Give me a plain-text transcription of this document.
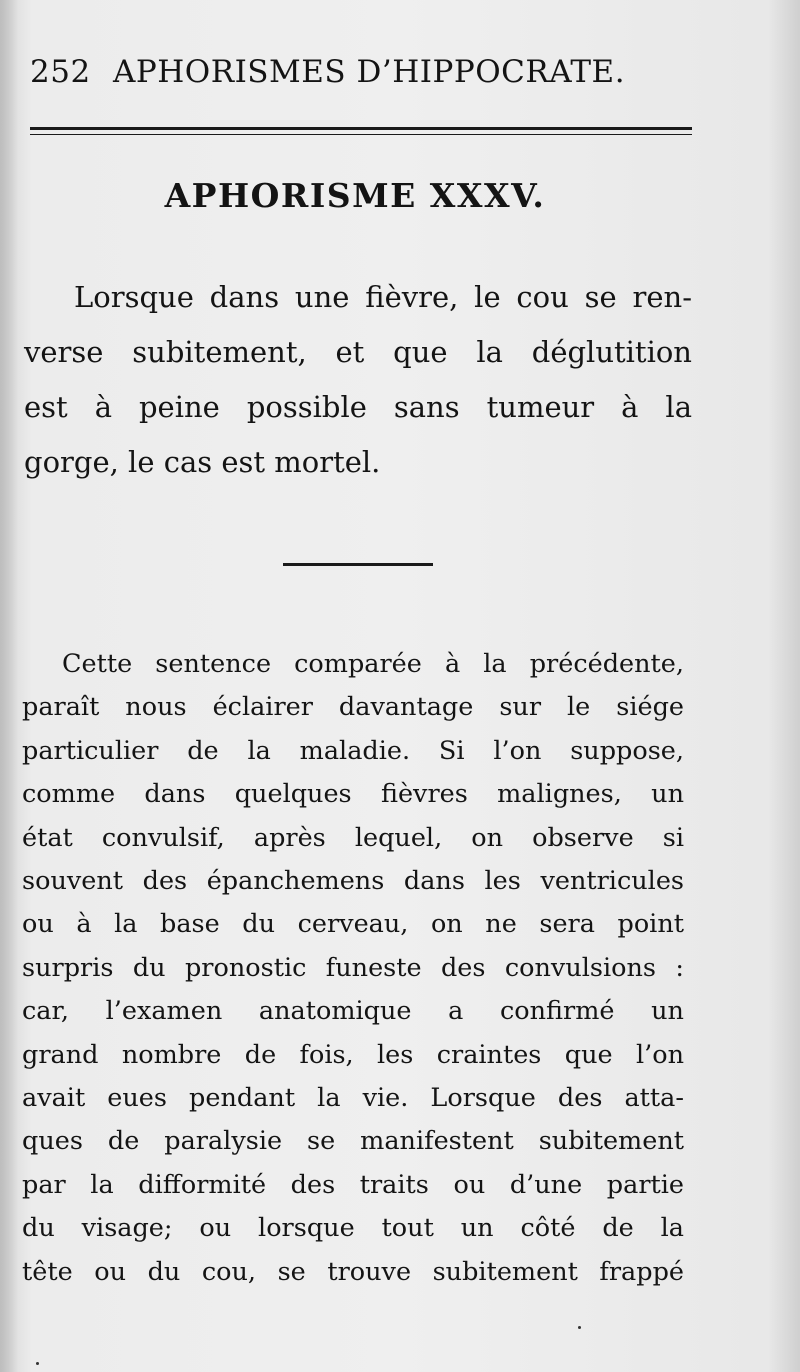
252 APHORISMES D’HIPPOCRATE.
APHORISME XXXV.
Lorsque dans une fièvre, le cou se ren-
verse subitement, et que la déglutition
est à peine possible sans tumeur à la
gorge, le cas est mortel.
Cette sentence comparée à la précédente,
paraît nous éclairer davantage sur le siége
particulier de la maladie. Si l’on suppose,
comme dans quelques fièvres malignes, un
état convulsif, après lequel, on observe si
souvent des épanchemens dans les ventricules
ou à la base du cerveau, on ne sera point
surpris du pronostic funeste des convulsions :
car, l’examen anatomique a confirmé un
grand nombre de fois, les craintes que l’on
avait eues pendant la vie. Lorsque des atta-
ques de paralysie se manifestent subitement
par la difformité des traits ou d’une partie
du visage; ou lorsque tout un côté de la
tête ou du cou, se trouve subitement frappé
